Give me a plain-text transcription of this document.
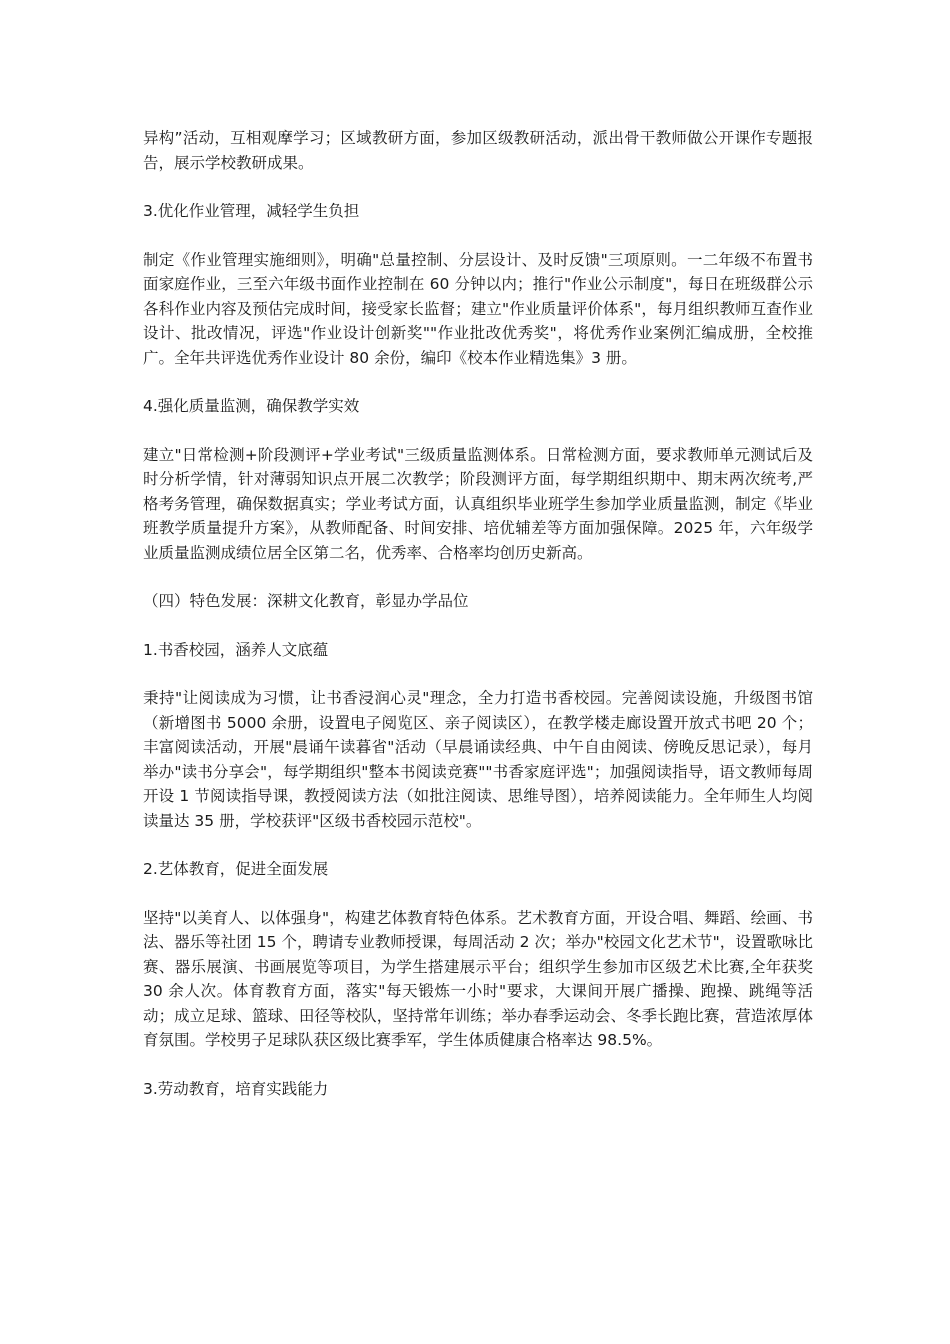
异构”活动，互相观摩学习；区域教研方面，参加区级教研活动，派出骨干教师做公开课作专题报告，展示学校教研成果。

3.优化作业管理，减轻学生负担

制定《作业管理实施细则》，明确"总量控制、分层设计、及时反馈"三项原则。一二年级不布置书面家庭作业，三至六年级书面作业控制在 60 分钟以内；推行"作业公示制度"，每日在班级群公示各科作业内容及预估完成时间，接受家长监督；建立"作业质量评价体系"，每月组织教师互查作业设计、批改情况，评选"作业设计创新奖""作业批改优秀奖"，将优秀作业案例汇编成册，全校推广。全年共评选优秀作业设计 80 余份，编印《校本作业精选集》3 册。

4.强化质量监测，确保教学实效

建立"日常检测+阶段测评+学业考试"三级质量监测体系。日常检测方面，要求教师单元测试后及时分析学情，针对薄弱知识点开展二次教学；阶段测评方面，每学期组织期中、期末两次统考,严格考务管理，确保数据真实；学业考试方面，认真组织毕业班学生参加学业质量监测，制定《毕业班教学质量提升方案》，从教师配备、时间安排、培优辅差等方面加强保障。2025 年，六年级学业质量监测成绩位居全区第二名，优秀率、合格率均创历史新高。

（四）特色发展：深耕文化教育，彰显办学品位

1.书香校园，涵养人文底蕴

秉持"让阅读成为习惯，让书香浸润心灵"理念，全力打造书香校园。完善阅读设施，升级图书馆（新增图书 5000 余册，设置电子阅览区、亲子阅读区），在教学楼走廊设置开放式书吧 20 个；丰富阅读活动，开展"晨诵午读暮省"活动（早晨诵读经典、中午自由阅读、傍晚反思记录），每月举办"读书分享会"，每学期组织"整本书阅读竞赛""书香家庭评选"；加强阅读指导，语文教师每周开设 1 节阅读指导课，教授阅读方法（如批注阅读、思维导图），培养阅读能力。全年师生人均阅读量达 35 册，学校获评"区级书香校园示范校"。

2.艺体教育，促进全面发展

坚持"以美育人、以体强身"，构建艺体教育特色体系。艺术教育方面，开设合唱、舞蹈、绘画、书法、器乐等社团 15 个，聘请专业教师授课，每周活动 2 次；举办"校园文化艺术节"，设置歌咏比赛、器乐展演、书画展览等项目，为学生搭建展示平台；组织学生参加市区级艺术比赛,全年获奖 30 余人次。体育教育方面，落实"每天锻炼一小时"要求，大课间开展广播操、跑操、跳绳等活动；成立足球、篮球、田径等校队，坚持常年训练；举办春季运动会、冬季长跑比赛，营造浓厚体育氛围。学校男子足球队获区级比赛季军，学生体质健康合格率达 98.5%。

3.劳动教育，培育实践能力
